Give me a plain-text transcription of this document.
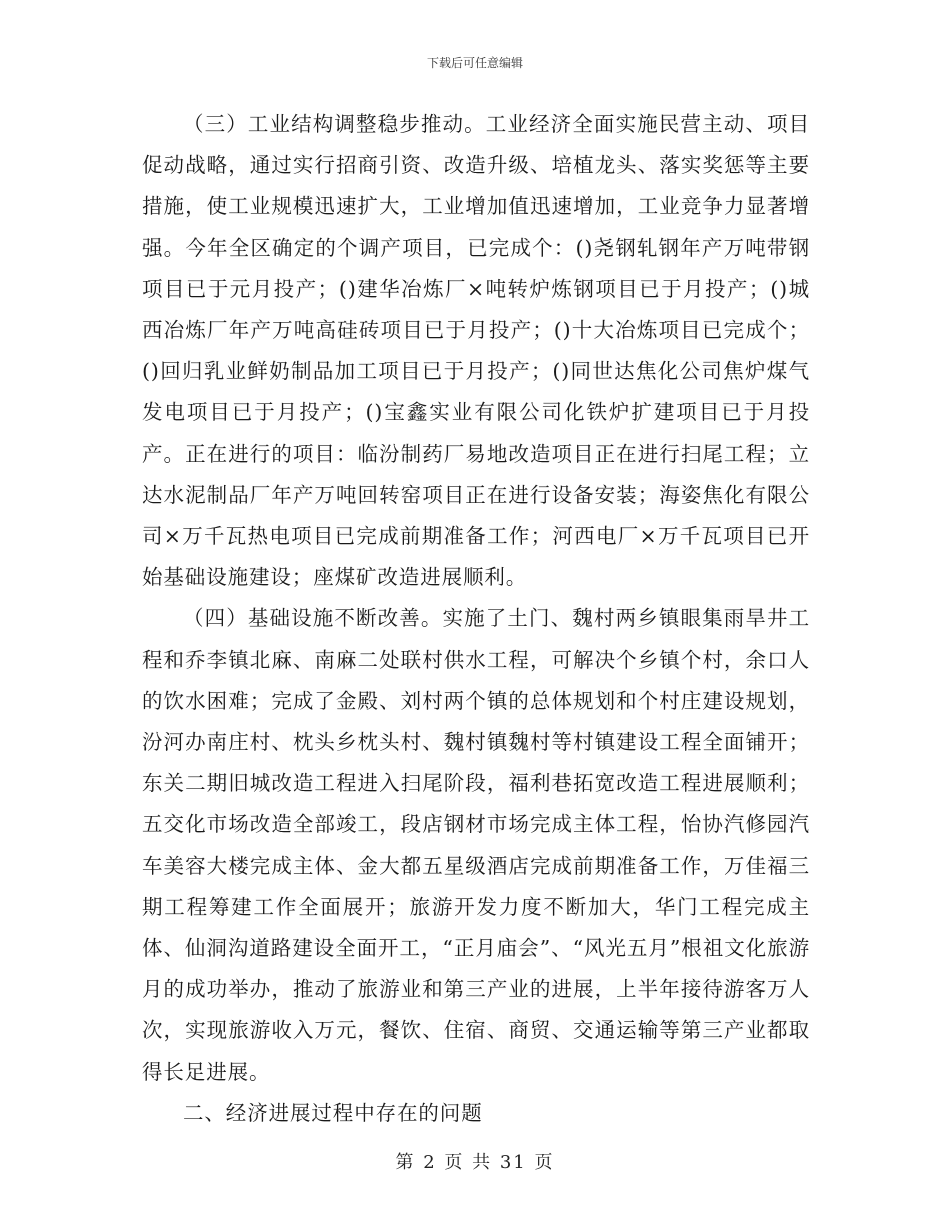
下载后可任意编辑

（三）工业结构调整稳步推动。工业经济全面实施民营主动、项目促动战略，通过实行招商引资、改造升级、培植龙头、落实奖惩等主要措施，使工业规模迅速扩大，工业增加值迅速增加，工业竞争力显著增强。今年全区确定的个调产项目，已完成个：()尧钢轧钢年产万吨带钢项目已于元月投产；()建华冶炼厂×吨转炉炼钢项目已于月投产；()城西冶炼厂年产万吨高硅砖项目已于月投产；()十大冶炼项目已完成个；()回归乳业鲜奶制品加工项目已于月投产；()同世达焦化公司焦炉煤气发电项目已于月投产；()宝鑫实业有限公司化铁炉扩建项目已于月投产。正在进行的项目：临汾制药厂易地改造项目正在进行扫尾工程；立达水泥制品厂年产万吨回转窑项目正在进行设备安装；海姿焦化有限公司×万千瓦热电项目已完成前期准备工作；河西电厂×万千瓦项目已开始基础设施建设；座煤矿改造进展顺利。

（四）基础设施不断改善。实施了土门、魏村两乡镇眼集雨旱井工程和乔李镇北麻、南麻二处联村供水工程，可解决个乡镇个村，余口人的饮水困难；完成了金殿、刘村两个镇的总体规划和个村庄建设规划，汾河办南庄村、枕头乡枕头村、魏村镇魏村等村镇建设工程全面铺开；东关二期旧城改造工程进入扫尾阶段，福利巷拓宽改造工程进展顺利；五交化市场改造全部竣工，段店钢材市场完成主体工程，怡协汽修园汽车美容大楼完成主体、金大都五星级酒店完成前期准备工作，万佳福三期工程筹建工作全面展开；旅游开发力度不断加大，华门工程完成主体、仙洞沟道路建设全面开工，“正月庙会”、“风光五月”根祖文化旅游月的成功举办，推动了旅游业和第三产业的进展，上半年接待游客万人次，实现旅游收入万元，餐饮、住宿、商贸、交通运输等第三产业都取得长足进展。

二、经济进展过程中存在的问题

第 2 页 共 31 页
